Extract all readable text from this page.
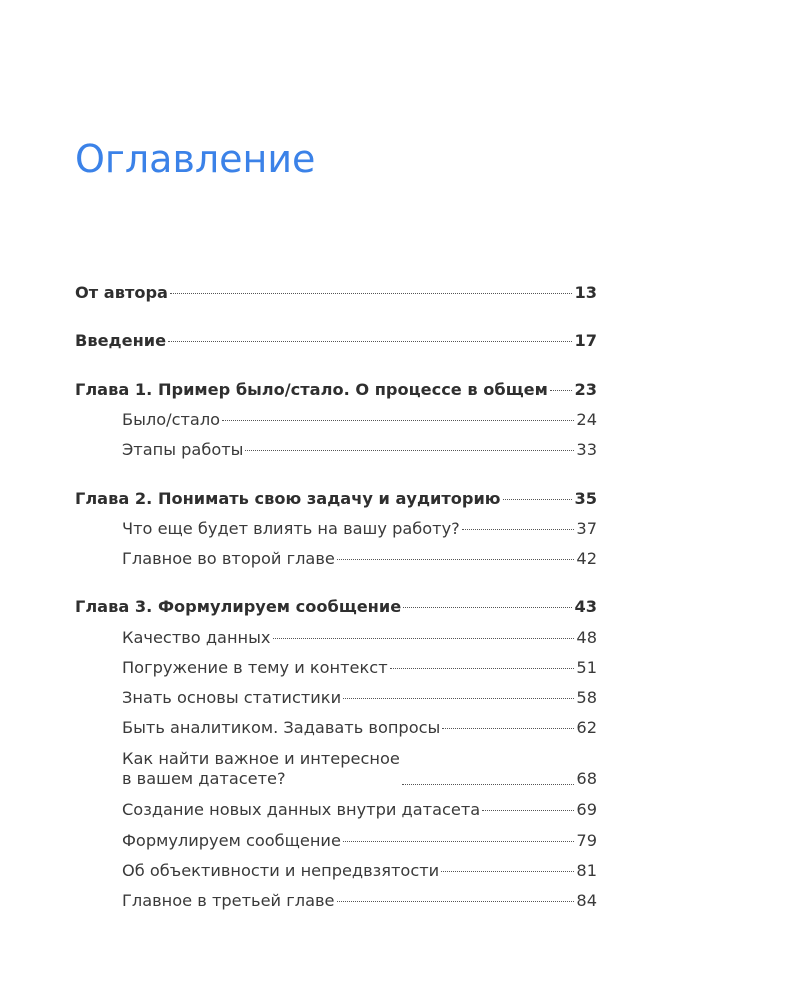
Оглавление
От автора	13
Введение	17
Глава 1. Пример было/стало. О процессе в общем 23
Было/стало	24
Этапы работы	33
Глава 2. Понимать свою задачу и аудиторию	35
Что еще будет влиять на вашу работу?	37
Главное во второй главе	42
Глава 3. Формулируем сообщение	43
Качество данных	48
Погружение в тему и контекст	51
Знать основы статистики	58
Быть аналитиком. Задавать вопросы	62
Как найти важное и интересное
в вашем датасете?	68
Создание новых данных внутри датасета	69
Формулируем сообщение	79
Об объективности и непредвзятости	81
Главное в третьей главе	84
